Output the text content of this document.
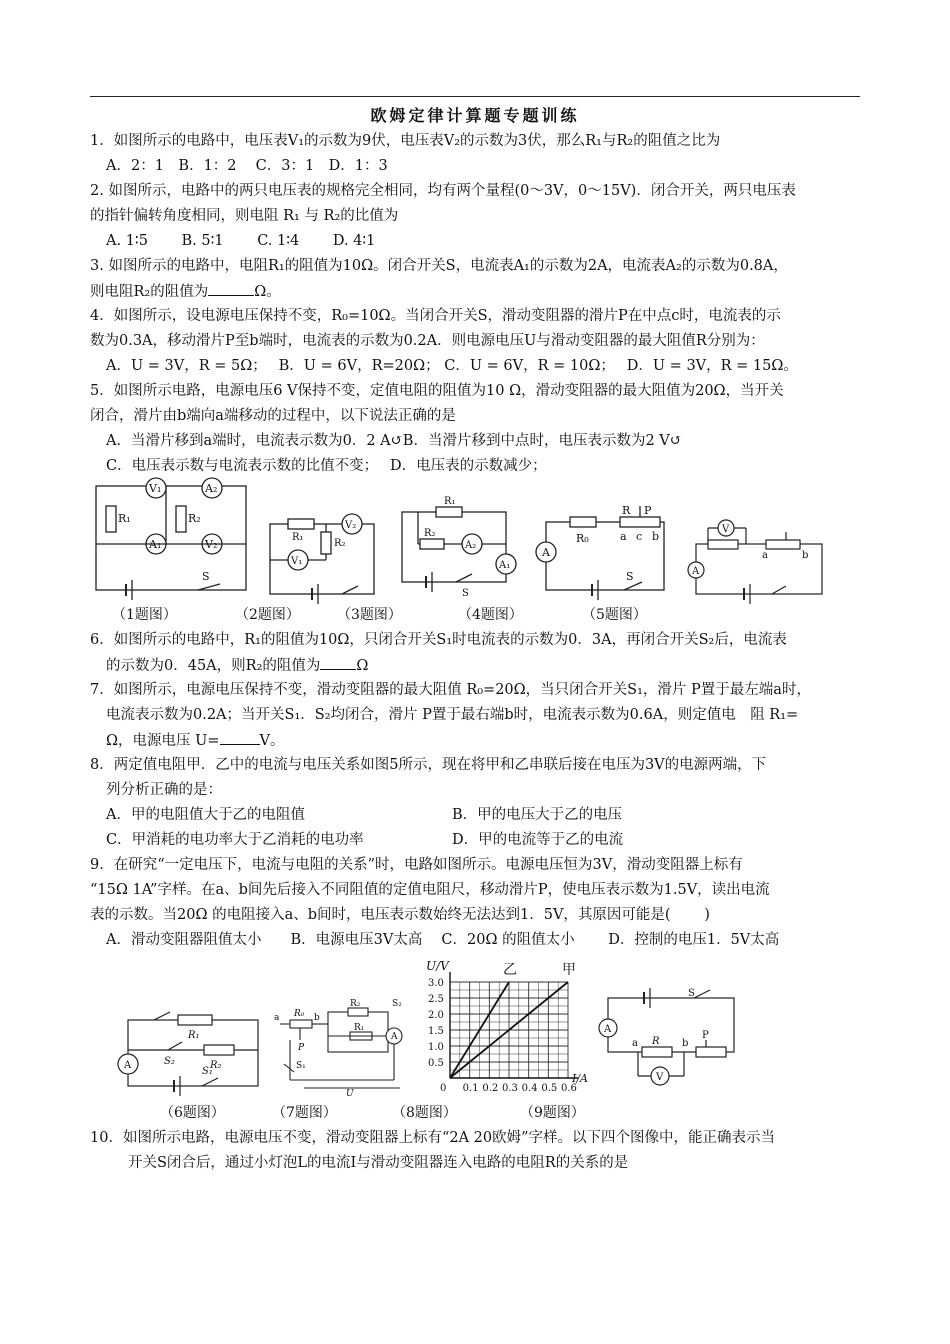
欧姆定律计算题专题训练
1．如图所示的电路中，电压表V₁的示数为9伏，电压表V₂的示数为3伏，那么R₁与R₂的阻值之比为
A．2：1　B．1：2　 C．3：1　D．1：3
2. 如图所示，电路中的两只电压表的规格完全相同，均有两个量程(0～3V，0～15V)．闭合开关，两只电压表
的指针偏转角度相同，则电阻 R₁ 与 R₂的比值为
A. 1∶5　　 B. 5∶1　　 C. 1∶4　　 D. 4∶1
3. 如图所示的电路中，电阻R₁的阻值为10Ω。闭合开关S，电流表A₁的示数为2A，电流表A₂的示数为0.8A，
则电阻R₂的阻值为	Ω。
4．如图所示，设电源电压保持不变，R₀=10Ω。当闭合开关S，滑动变阻器的滑片P在中点c时，电流表的示
数为0.3A，移动滑片P至b端时，电流表的示数为0.2A．则电源电压U与滑动变阻器的最大阻值R分别为：
A．U = 3V，R = 5Ω；　 B．U = 6V，R=20Ω； C．U = 6V，R = 10Ω；　 D．U = 3V，R = 15Ω。
5．如图所示电路，电源电压6 V保持不变，定值电阻的阻值为10 Ω，滑动变阻器的最大阻值为20Ω，当开关
闭合，滑片由b端向a端移动的过程中，以下说法正确的是
A．当滑片移到a端时，电流表示数为0．2 A↺B．当滑片移到中点时，电压表示数为2 V↺
C．电压表示数与电流表示数的比值不变；　 D．电压表的示数减少；
R₁	R₂
V₁	A₂
A₁	V₂
S
R₁
R₂
V₁
V₂
R₁
R₂
A₂
A₁
S
R₀
R P
a c b
A
S
V
A
a	b
（1题图）	（2题图）	（3题图）	（4题图）	（5题图）
6．如图所示的电路中，R₁的阻值为10Ω，只闭合开关S₁时电流表的示数为0．3A，再闭合开关S₂后，电流表
的示数为0．45A，则R₂的阻值为 Ω
7．如图所示，电源电压保持不变，滑动变阻器的最大阻值 R₀=20Ω，当只闭合开关S₁，滑片 P置于最左端a时，
电流表示数为0.2A；当开关S₁．S₂均闭合，滑片 P置于最右端b时，电流表示数为0.6A，则定值电　阻 R₁=
Ω，电源电压 U=	V。
8．两定值电阻甲．乙中的电流与电压关系如图5所示，现在将甲和乙串联后接在电压为3V的电源两端，下
列分析正确的是：
A．甲的电阻值大于乙的电阻值	B．甲的电压大于乙的电压
C．甲消耗的电功率大于乙消耗的电功率	D．甲的电流等于乙的电流
9．在研究“一定电压下，电流与电阻的关系”时，电路如图所示。电源电压恒为3V，滑动变阻器上标有
“15Ω 1A”字样。在a、b间先后接入不同阻值的定值电阻尺，移动滑片P，使电压表示数为1.5V，读出电流
表的示数。当20Ω 的电阻接入a、b间时，电压表示数始终无法达到1．5V，其原因可能是(　　 )
A．滑动变阻器阻值太小　　B．电源电压3V太高　 C．20Ω 的阻值太小　　 D．控制的电压1．5V太高
R₁
R₂
S₂
S₁
A
a R₀ b
R₂	S₂
R₁
A
P
S₁
U	0 0.1 0.2 0.3 0.4 0.5 0.6
0.5
1.0
1.5
2.0
2.5
3.0
U/V
I/A
甲
乙
S
A
a R b
P
V
（6题图）	（7题图）	（8题图）	（9题图）
10．如图所示电路，电源电压不变，滑动变阻器上标有“2A 20欧姆”字样。以下四个图像中，能正确表示当
开关S闭合后，通过小灯泡L的电流I与滑动变阻器连入电路的电阻R的关系的是
